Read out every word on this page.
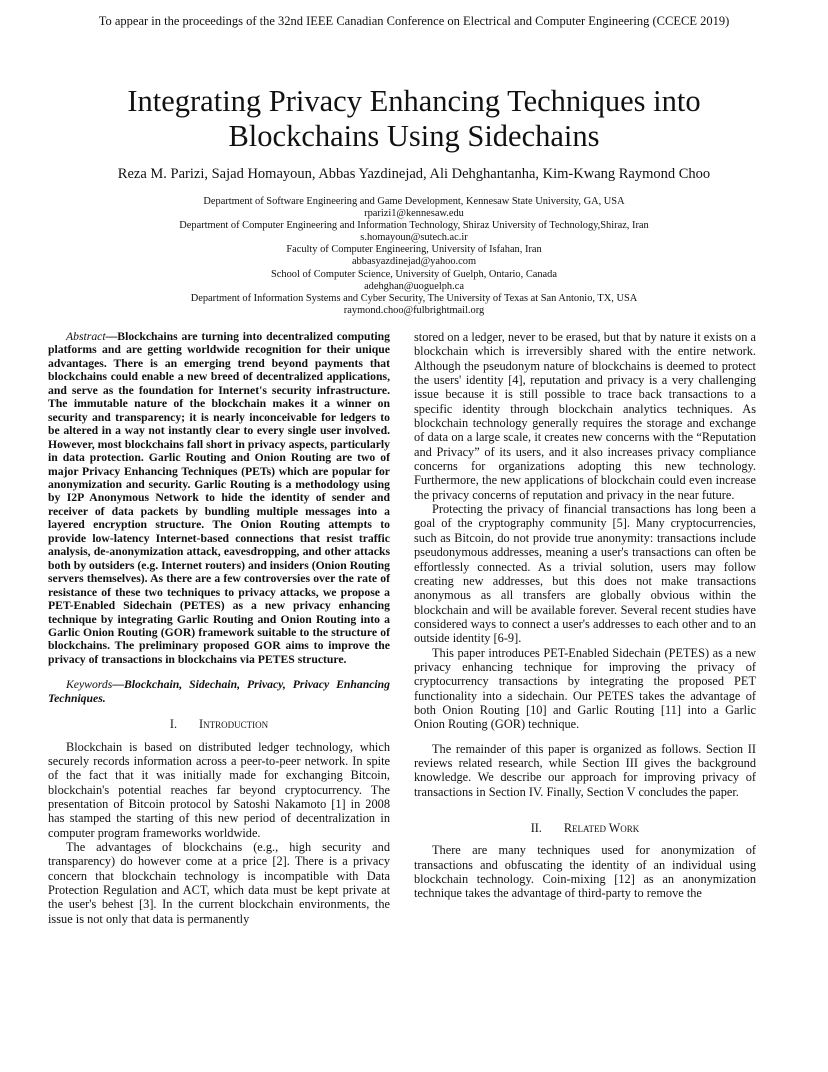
To appear in the proceedings of the 32nd IEEE Canadian Conference on Electrical and Computer Engineering (CCECE 2019)
Integrating Privacy Enhancing Techniques into
Blockchains Using Sidechains
Reza M. Parizi, Sajad Homayoun, Abbas Yazdinejad, Ali Dehghantanha, Kim-Kwang Raymond Choo
Department of Software Engineering and Game Development, Kennesaw State University, GA, USA
rparizi1@kennesaw.edu
Department of Computer Engineering and Information Technology, Shiraz University of Technology,Shiraz, Iran
s.homayoun@sutech.ac.ir
Faculty of Computer Engineering, University of Isfahan, Iran
abbasyazdinejad@yahoo.com
School of Computer Science, University of Guelph, Ontario, Canada
adehghan@uoguelph.ca
Department of Information Systems and Cyber Security, The University of Texas at San Antonio, TX, USA
raymond.choo@fulbrightmail.org

Abstract—Blockchains are turning into decentralized computing platforms and are getting worldwide recognition for their unique advantages. There is an emerging trend beyond payments that blockchains could enable a new breed of decentralized applications, and serve as the foundation for Internet's security infrastructure. The immutable nature of the blockchain makes it a winner on security and transparency; it is nearly inconceivable for ledgers to be altered in a way not instantly clear to every single user involved. However, most blockchains fall short in privacy aspects, particularly in data protection. Garlic Routing and Onion Routing are two of major Privacy Enhancing Techniques (PETs) which are popular for anonymization and security. Garlic Routing is a methodology using by I2P Anonymous Network to hide the identity of sender and receiver of data packets by bundling multiple messages into a layered encryption structure. The Onion Routing attempts to provide low-latency Internet-based connections that resist traffic analysis, de-anonymization attack, eavesdropping, and other attacks both by outsiders (e.g. Internet routers) and insiders (Onion Routing servers themselves). As there are a few controversies over the rate of resistance of these two techniques to privacy attacks, we propose a PET-Enabled Sidechain (PETES) as a new privacy enhancing technique by integrating Garlic Routing and Onion Routing into a Garlic Onion Routing (GOR) framework suitable to the structure of blockchains. The preliminary proposed GOR aims to improve the privacy of transactions in blockchains via PETES structure.

Keywords—Blockchain, Sidechain, Privacy, Privacy Enhancing Techniques.

I. Introduction

Blockchain is based on distributed ledger technology, which securely records information across a peer-to-peer network. In spite of the fact that it was initially made for exchanging Bitcoin, blockchain's potential reaches far beyond cryptocurrency. The presentation of Bitcoin protocol by Satoshi Nakamoto [1] in 2008 has stamped the starting of this new period of decentralization in computer program frameworks worldwide.

The advantages of blockchains (e.g., high security and transparency) do however come at a price [2]. There is a privacy concern that blockchain technology is incompatible with Data Protection Regulation and ACT, which data must be kept private at the user's behest [3]. In the current blockchain environments, the issue is not only that data is permanently

stored on a ledger, never to be erased, but that by nature it exists on a blockchain which is irreversibly shared with the entire network. Although the pseudonym nature of blockchains is deemed to protect the users' identity [4], reputation and privacy is a very challenging issue because it is still possible to trace back transactions to a specific identity through blockchain analytics techniques. As blockchain technology generally requires the storage and exchange of data on a large scale, it creates new concerns with the “Reputation and Privacy” of its users, and it also increases privacy compliance concerns for organizations adopting this new technology. Furthermore, the new applications of blockchain could even increase the privacy concerns of reputation and privacy in the near future.

Protecting the privacy of financial transactions has long been a goal of the cryptography community [5]. Many cryptocurrencies, such as Bitcoin, do not provide true anonymity: transactions include pseudonymous addresses, meaning a user's transactions can often be effortlessly connected. As a trivial solution, users may follow creating new addresses, but this does not make transactions anonymous as all transfers are globally obvious within the blockchain and will be available forever. Several recent studies have considered ways to connect a user's addresses to each other and to an outside identity [6-9].

This paper introduces PET-Enabled Sidechain (PETES) as a new privacy enhancing technique for improving the privacy of cryptocurrency transactions by integrating the proposed PET functionality into a sidechain. Our PETES takes the advantage of both Onion Routing [10] and Garlic Routing [11] into a Garlic Onion Routing (GOR) technique.

The remainder of this paper is organized as follows. Section II reviews related research, while Section III gives the background knowledge. We describe our approach for improving privacy of transactions in Section IV. Finally, Section V concludes the paper.

II. Related Work

There are many techniques used for anonymization of transactions and obfuscating the identity of an individual using blockchain technology. Coin-mixing [12] as an anonymization technique takes the advantage of third-party to remove the
